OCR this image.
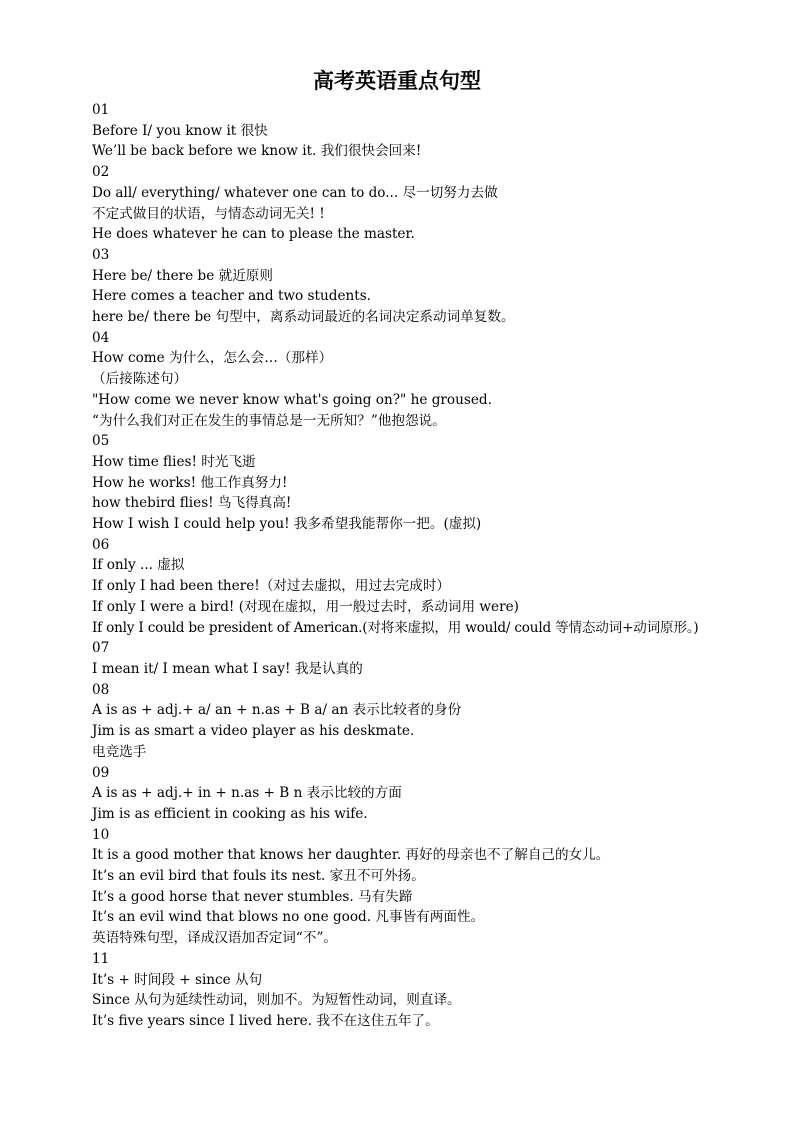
高考英语重点句型
01
Before I/ you know it 很快
We’ll be back before we know it. 我们很快会回来!
02
Do all/ everything/ whatever one can to do... 尽一切努力去做
不定式做目的状语，与情态动词无关! !
He does whatever he can to please the master.
03
Here be/ there be 就近原则
Here comes a teacher and two students.
here be/ there be 句型中，离系动词最近的名词决定系动词单复数。
04
How come 为什么，怎么会…（那样）
（后接陈述句）
"How come we never know what's going on?" he groused.
“为什么我们对正在发生的事情总是一无所知？”他抱怨说。
05
How time flies! 时光飞逝
How he works! 他工作真努力!
how thebird flies! 鸟飞得真高!
How I wish I could help you! 我多希望我能帮你一把。(虚拟)
06
If only ... 虚拟
If only I had been there!（对过去虚拟，用过去完成时）
If only I were a bird! (对现在虚拟，用一般过去时，系动词用 were)
If only I could be president of American.(对将来虚拟，用 would/ could 等情态动词+动词原形。)
07
I mean it/ I mean what I say! 我是认真的
08
A is as + adj.+ a/ an + n.as + B a/ an 表示比较者的身份
Jim is as smart a video player as his deskmate.
电竞选手
09
A is as + adj.+ in + n.as + B n 表示比较的方面
Jim is as efficient in cooking as his wife.
10
It is a good mother that knows her daughter. 再好的母亲也不了解自己的女儿。
It’s an evil bird that fouls its nest. 家丑不可外扬。
It’s a good horse that never stumbles. 马有失蹄
It’s an evil wind that blows no one good. 凡事皆有两面性。
英语特殊句型，译成汉语加否定词“不”。
11
It’s + 时间段 + since 从句
Since 从句为延续性动词，则加不。为短暂性动词，则直译。
It’s five years since I lived here. 我不在这住五年了。
